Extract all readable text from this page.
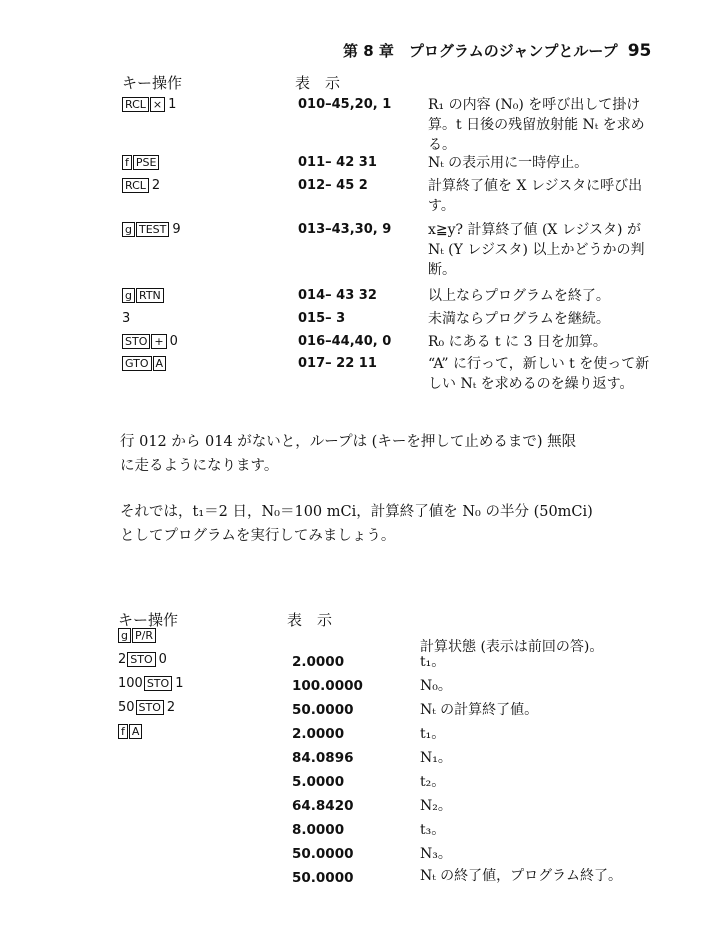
第 8 章　プログラムのジャンプとループ 95
キー操作	表　示
RCL × 1	010–45,20, 1	R₁ の内容 (N₀) を呼び出して掛け算。t 日後の残留放射能 Nₜ を求める。
f PSE	011– 42 31	Nₜ の表示用に一時停止。
RCL 2	012– 45 2	計算終了値を X レジスタに呼び出す。
g TEST 9	013–43,30, 9	x≧y? 計算終了値 (X レジスタ) が Nₜ (Y レジスタ) 以上かどうかの判断。
g RTN	014– 43 32	以上ならプログラムを終了。
3	015– 3	未満ならプログラムを継続。
STO + 0	016–44,40, 0	R₀ にある t に 3 日を加算。
GTO A	017– 22 11	“A” に行って，新しい t を使って新しい Nₜ を求めるのを繰り返す。
行 012 から 014 がないと，ループは (キーを押して止めるまで) 無限
に走るようになります。
それでは，t₁＝2 日，N₀＝100 mCi，計算終了値を N₀ の半分 (50mCi)
としてプログラムを実行してみましょう。
キー操作	表　示
g P/R
計算状態 (表示は前回の答)。
2 STO 0	2.0000	t₁。
100 STO 1	100.0000	N₀。
50 STO 2	50.0000	Nₜ の計算終了値。
f A	2.0000	t₁。
84.0896	N₁。
5.0000	t₂。
64.8420	N₂。
8.0000	t₃。
50.0000	N₃。
50.0000	Nₜ の終了値，プログラム終了。
